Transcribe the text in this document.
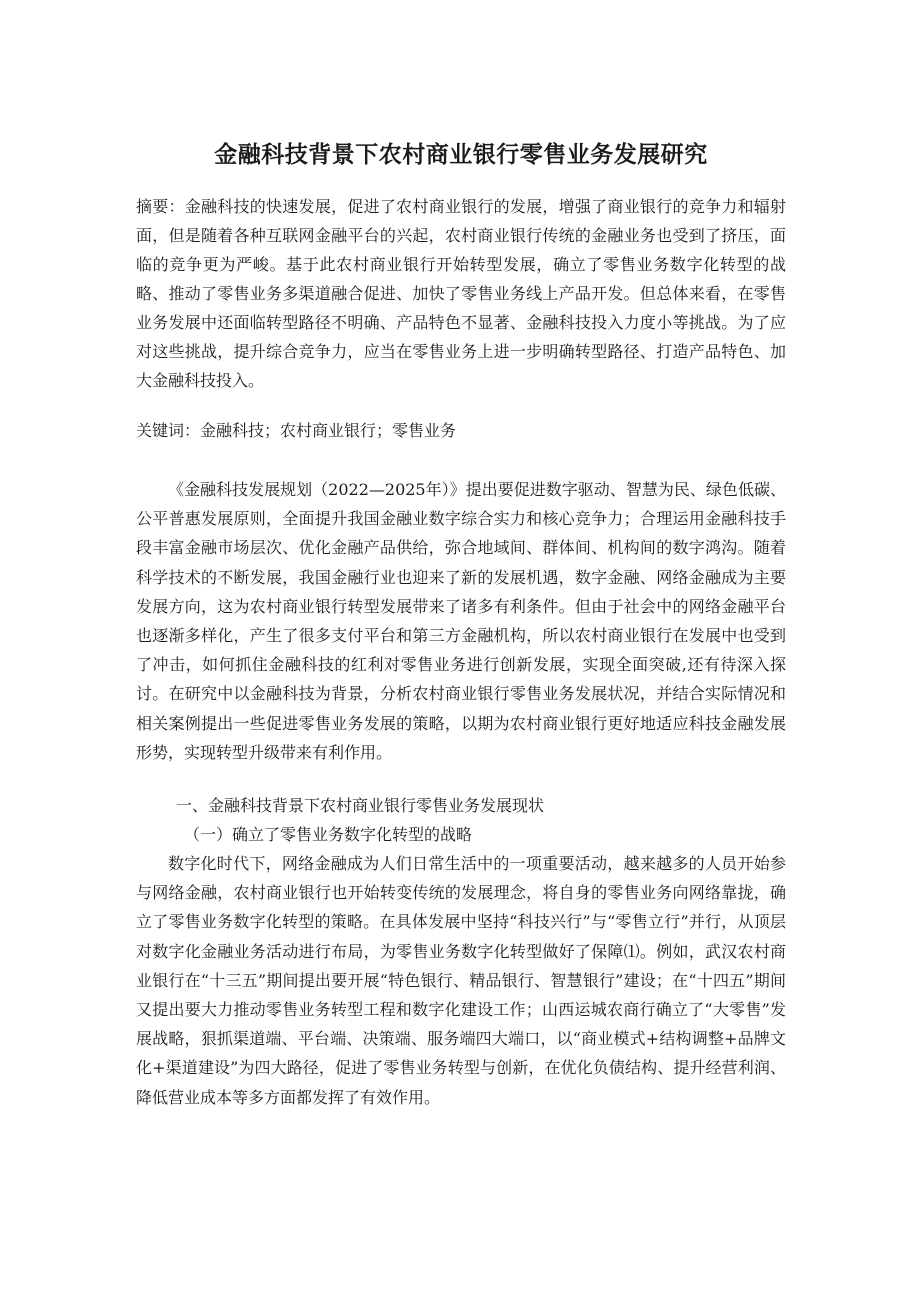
金融科技背景下农村商业银行零售业务发展研究

摘要：金融科技的快速发展，促进了农村商业银行的发展，增强了商业银行的竞争力和辐射面，但是随着各种互联网金融平台的兴起，农村商业银行传统的金融业务也受到了挤压，面临的竞争更为严峻。基于此农村商业银行开始转型发展，确立了零售业务数字化转型的战略、推动了零售业务多渠道融合促进、加快了零售业务线上产品开发。但总体来看，在零售业务发展中还面临转型路径不明确、产品特色不显著、金融科技投入力度小等挑战。为了应对这些挑战，提升综合竞争力，应当在零售业务上进一步明确转型路径、打造产品特色、加大金融科技投入。

关键词：金融科技；农村商业银行；零售业务

《金融科技发展规划（2022—2025年）》提出要促进数字驱动、智慧为民、绿色低碳、公平普惠发展原则，全面提升我国金融业数字综合实力和核心竞争力；合理运用金融科技手段丰富金融市场层次、优化金融产品供给，弥合地域间、群体间、机构间的数字鸿沟。随着科学技术的不断发展，我国金融行业也迎来了新的发展机遇，数字金融、网络金融成为主要发展方向，这为农村商业银行转型发展带来了诸多有利条件。但由于社会中的网络金融平台也逐渐多样化，产生了很多支付平台和第三方金融机构，所以农村商业银行在发展中也受到了冲击，如何抓住金融科技的红利对零售业务进行创新发展，实现全面突破,还有待深入探讨。在研究中以金融科技为背景，分析农村商业银行零售业务发展状况，并结合实际情况和相关案例提出一些促进零售业务发展的策略，以期为农村商业银行更好地适应科技金融发展形势，实现转型升级带来有利作用。

一、金融科技背景下农村商业银行零售业务发展现状

（一）确立了零售业务数字化转型的战略

数字化时代下，网络金融成为人们日常生活中的一项重要活动，越来越多的人员开始参与网络金融，农村商业银行也开始转变传统的发展理念，将自身的零售业务向网络靠拢，确立了零售业务数字化转型的策略。在具体发展中坚持“科技兴行”与“零售立行”并行，从顶层对数字化金融业务活动进行布局，为零售业务数字化转型做好了保障⑴。例如，武汉农村商业银行在“十三五”期间提出要开展“特色银行、精品银行、智慧银行”建设；在“十四五”期间又提出要大力推动零售业务转型工程和数字化建设工作；山西运城农商行确立了“大零售”发展战略，狠抓渠道端、平台端、决策端、服务端四大端口，以“商业模式+结构调整+品牌文化+渠道建设”为四大路径，促进了零售业务转型与创新，在优化负债结构、提升经营利润、降低营业成本等多方面都发挥了有效作用。
